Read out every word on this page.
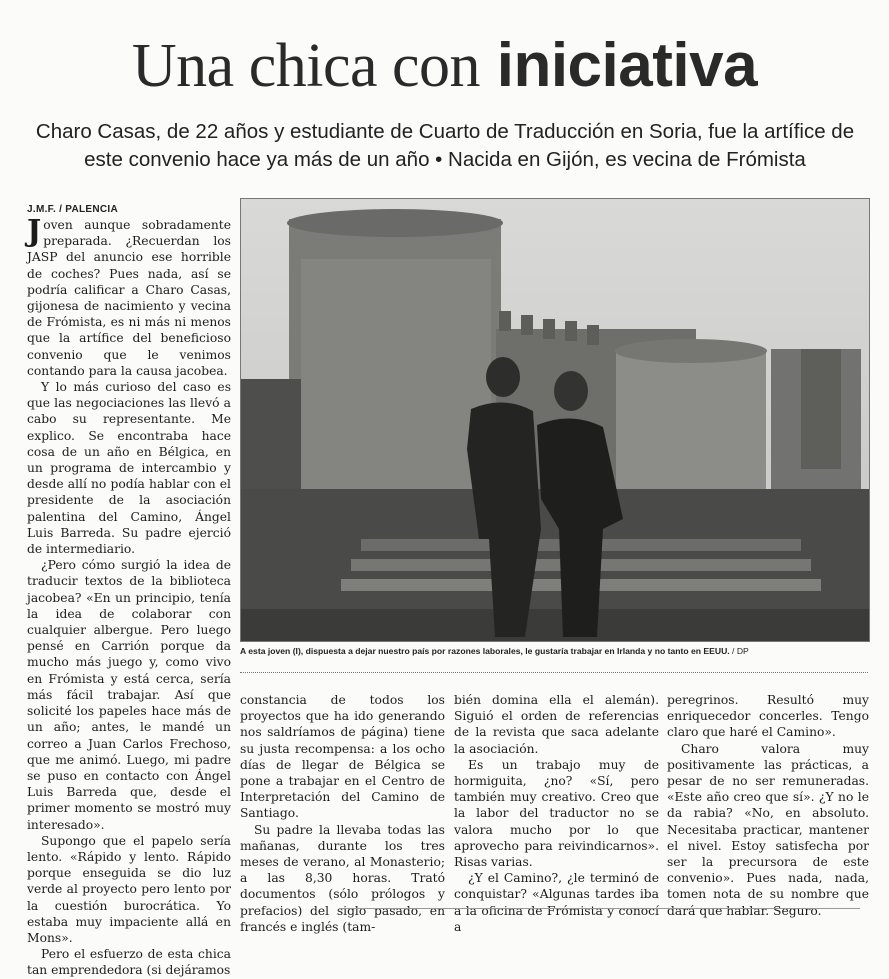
Una chica con iniciativa
Charo Casas, de 22 años y estudiante de Cuarto de Traducción en Soria, fue la artífice de
este convenio hace ya más de un año • Nacida en Gijón, es vecina de Frómista
J.M.F. / PALENCIA

Joven aunque sobradamente preparada. ¿Recuerdan los JASP del anuncio ese horrible de coches? Pues nada, así se podría calificar a Charo Casas, gijonesa de nacimiento y vecina de Frómista, es ni más ni menos que la artífice del beneficioso convenio que le venimos contando para la causa jacobea.

Y lo más curioso del caso es que las negociaciones las llevó a cabo su representante. Me explico. Se encontraba hace cosa de un año en Bélgica, en un programa de intercambio y desde allí no podía hablar con el presidente de la asociación palentina del Camino, Ángel Luis Barreda. Su padre ejerció de intermediario.

¿Pero cómo surgió la idea de traducir textos de la biblioteca jacobea? «En un principio, tenía la idea de colaborar con cualquier albergue. Pero luego pensé en Carrión porque da mucho más juego y, como vivo en Frómista y está cerca, sería más fácil trabajar. Así que solicité los papeles hace más de un año; antes, le mandé un correo a Juan Carlos Frechoso, que me animó. Luego, mi padre se puso en contacto con Ángel Luis Barreda que, desde el primer momento se mostró muy interesado».

Supongo que el papelo sería lento. «Rápido y lento. Rápido porque enseguida se dio luz verde al proyecto pero lento por la cuestión burocrática. Yo estaba muy impaciente allá en Mons».

Pero el esfuerzo de esta chica tan emprendedora (si dejáramos

A esta joven (I), dispuesta a dejar nuestro país por razones laborales, le gustaría trabajar en Irlanda y no tanto en EEUU. / DP

constancia de todos los proyectos que ha ido generando nos saldríamos de página) tiene su justa recompensa: a los ocho días de llegar de Bélgica se pone a trabajar en el Centro de Interpretación del Camino de Santiago.

Su padre la llevaba todas las mañanas, durante los tres meses de verano, al Monasterio; a las 8,30 horas. Trató documentos (sólo prólogos y prefacios) del siglo pasado, en francés e inglés (tam-

bién domina ella el alemán). Siguió el orden de referencias de la revista que saca adelante la asociación.

Es un trabajo muy de hormiguita, ¿no? «Sí, pero también muy creativo. Creo que la labor del traductor no se valora mucho por lo que aprovecho para reivindicarnos». Risas varias.

¿Y el Camino?, ¿le terminó de conquistar? «Algunas tardes iba a la oficina de Frómista y conocí a

peregrinos. Resultó muy enriquecedor concerles. Tengo claro que haré el Camino».

Charo valora muy positivamente las prácticas, a pesar de no ser remuneradas. «Este año creo que sí». ¿Y no le da rabia? «No, en absoluto. Necesitaba practicar, mantener el nivel. Estoy satisfecha por ser la precursora de este convenio». Pues nada, nada, tomen nota de su nombre que dará que hablar. Seguro.
